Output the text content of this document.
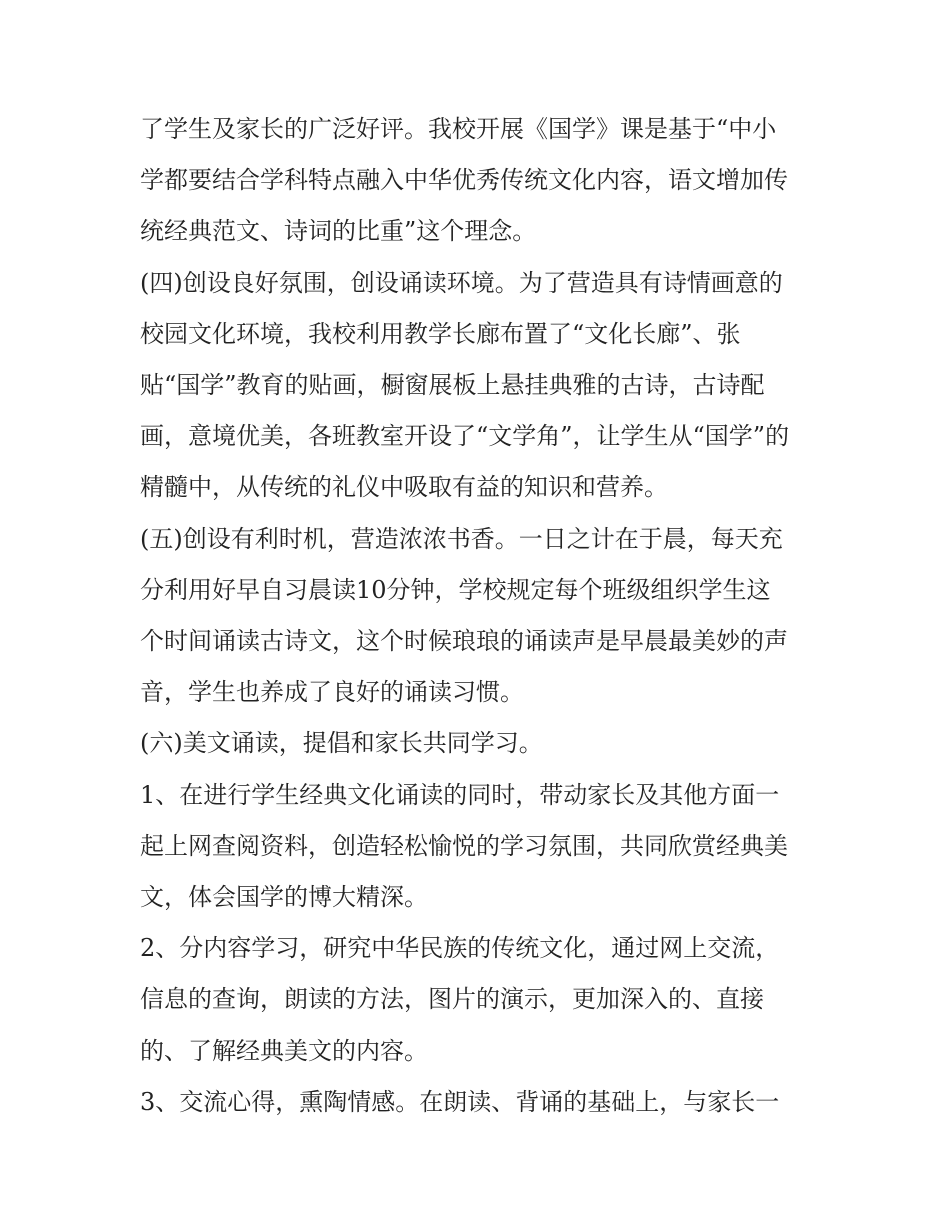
了学生及家长的广泛好评。我校开展《国学》课是基于“中小

学都要结合学科特点融入中华优秀传统文化内容，语文增加传

统经典范文、诗词的比重”这个理念。

(四)创设良好氛围，创设诵读环境。为了营造具有诗情画意的

校园文化环境，我校利用教学长廊布置了“文化长廊”、张

贴“国学”教育的贴画，橱窗展板上悬挂典雅的古诗，古诗配

画，意境优美，各班教室开设了“文学角”，让学生从“国学”的

精髓中，从传统的礼仪中吸取有益的知识和营养。

(五)创设有利时机，营造浓浓书香。一日之计在于晨，每天充

分利用好早自习晨读10分钟，学校规定每个班级组织学生这

个时间诵读古诗文，这个时候琅琅的诵读声是早晨最美妙的声

音，学生也养成了良好的诵读习惯。

(六)美文诵读，提倡和家长共同学习。

1、在进行学生经典文化诵读的同时，带动家长及其他方面一

起上网查阅资料，创造轻松愉悦的学习氛围，共同欣赏经典美

文，体会国学的博大精深。

2、分内容学习，研究中华民族的传统文化，通过网上交流，

信息的查询，朗读的方法，图片的演示，更加深入的、直接

的、了解经典美文的内容。

3、交流心得，熏陶情感。在朗读、背诵的基础上，与家长一
